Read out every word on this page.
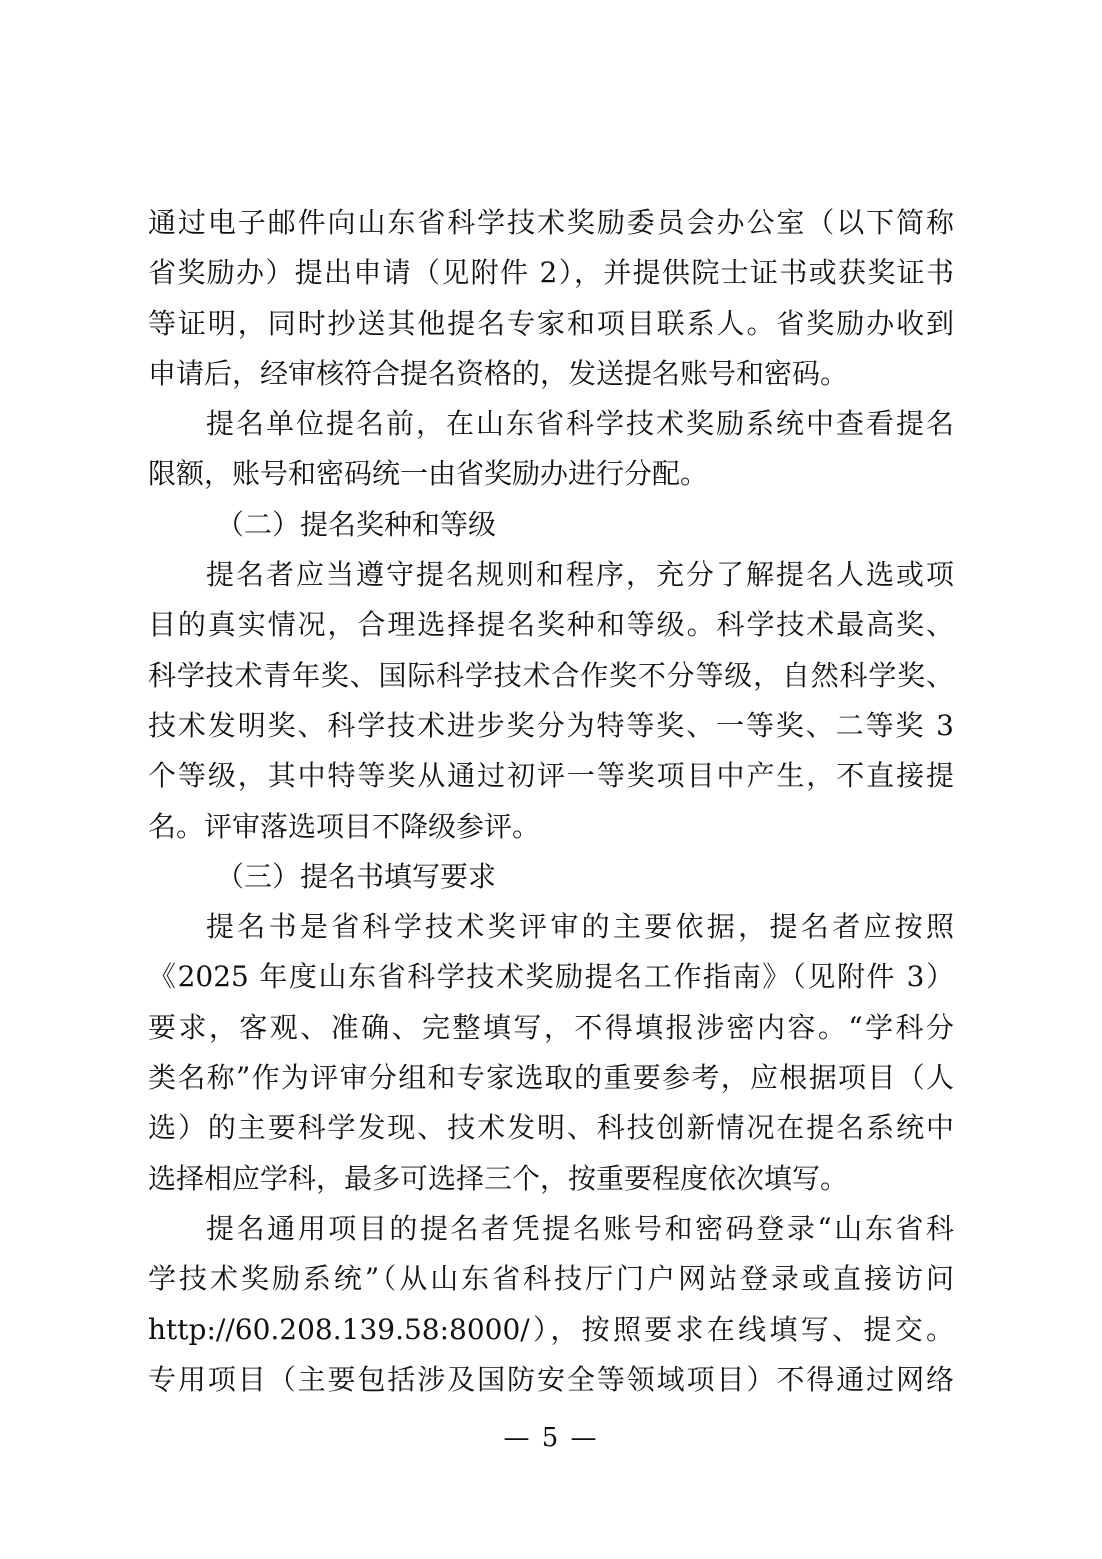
通过电子邮件向山东省科学技术奖励委员会办公室（以下简称
省奖励办）提出申请（见附件 2），并提供院士证书或获奖证书
等证明，同时抄送其他提名专家和项目联系人。省奖励办收到
申请后，经审核符合提名资格的，发送提名账号和密码。
提名单位提名前，在山东省科学技术奖励系统中查看提名
限额，账号和密码统一由省奖励办进行分配。
（二）提名奖种和等级
提名者应当遵守提名规则和程序，充分了解提名人选或项
目的真实情况，合理选择提名奖种和等级。科学技术最高奖、
科学技术青年奖、国际科学技术合作奖不分等级，自然科学奖、
技术发明奖、科学技术进步奖分为特等奖、一等奖、二等奖 3
个等级，其中特等奖从通过初评一等奖项目中产生，不直接提
名。评审落选项目不降级参评。
（三）提名书填写要求
提名书是省科学技术奖评审的主要依据，提名者应按照
《2025 年度山东省科学技术奖励提名工作指南》（见附件 3）
要求，客观、准确、完整填写，不得填报涉密内容。“学科分
类名称”作为评审分组和专家选取的重要参考，应根据项目（人
选）的主要科学发现、技术发明、科技创新情况在提名系统中
选择相应学科，最多可选择三个，按重要程度依次填写。
提名通用项目的提名者凭提名账号和密码登录“山东省科
学技术奖励系统”（从山东省科技厅门户网站登录或直接访问
http://60.208.139.58:8000/），按照要求在线填写、提交。
专用项目（主要包括涉及国防安全等领域项目）不得通过网络
— 5 —
